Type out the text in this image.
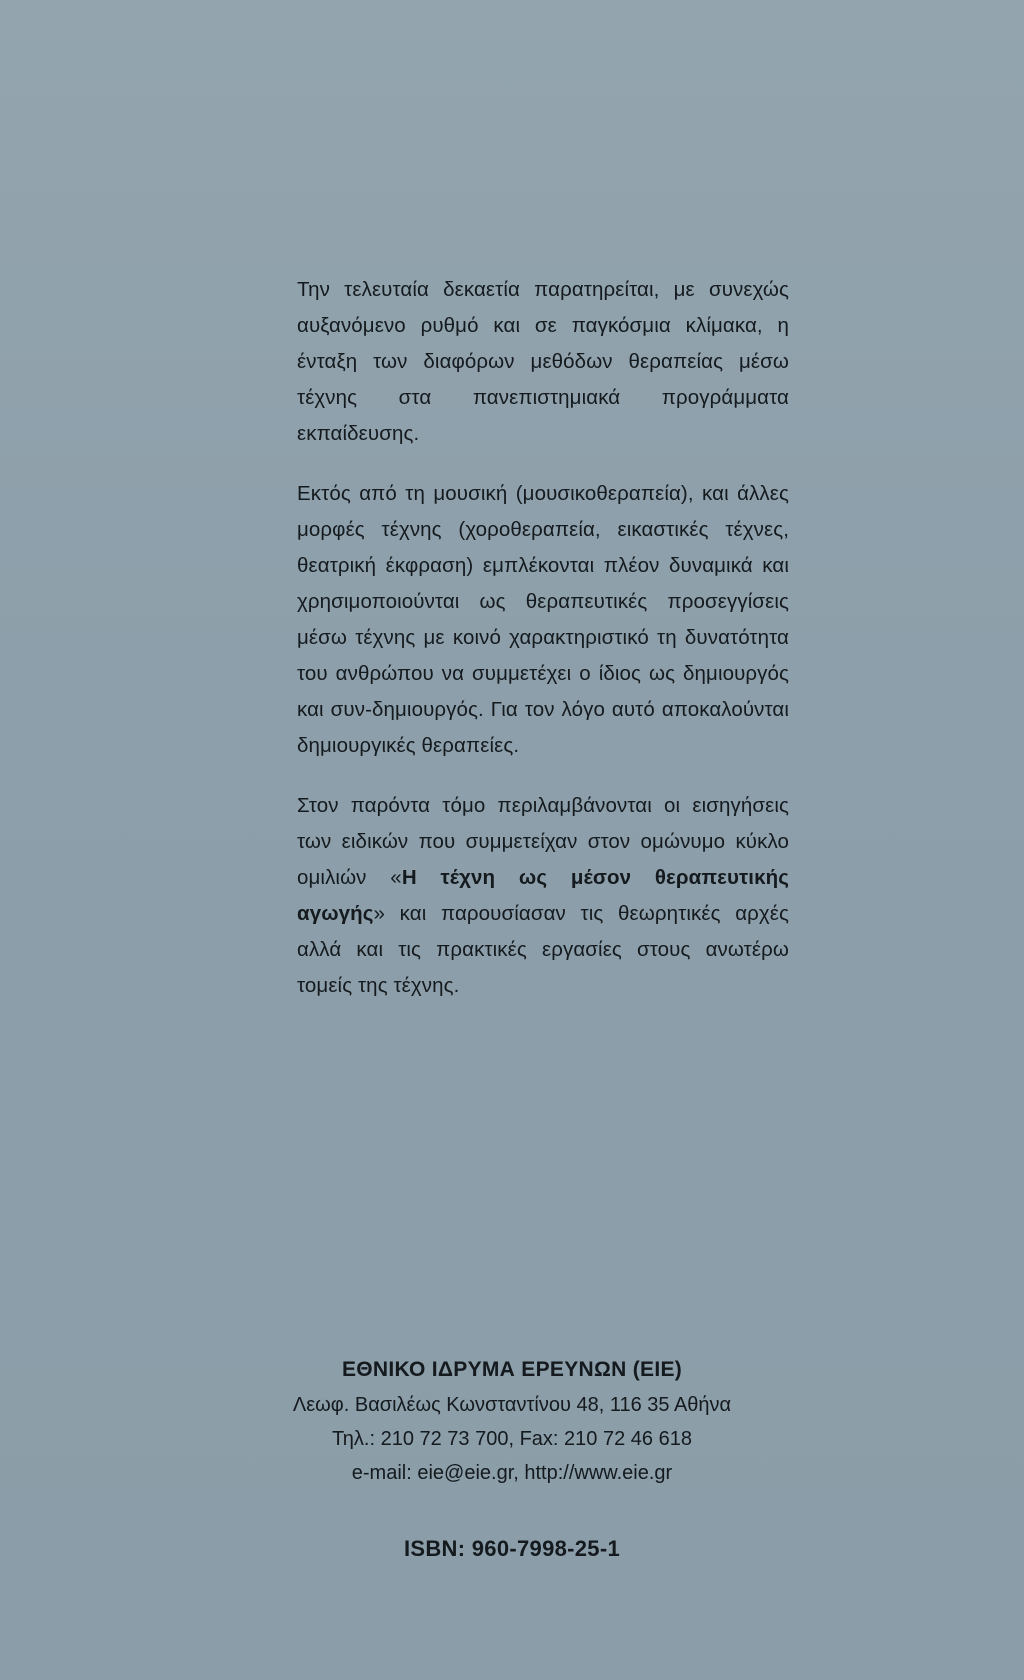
Την τελευταία δεκαετία παρατηρείται, με συνεχώς αυξανόμενο ρυθμό και σε παγκόσμια κλίμακα, η ένταξη των διαφόρων μεθόδων θεραπείας μέσω τέχνης στα πανεπιστημιακά προγράμματα εκπαίδευσης.

Εκτός από τη μουσική (μουσικοθεραπεία), και άλλες μορφές τέχνης (χοροθεραπεία, εικαστικές τέχνες, θεατρική έκφραση) εμπλέκονται πλέον δυναμικά και χρησιμοποιούνται ως θεραπευτικές προσεγγίσεις μέσω τέχνης με κοινό χαρακτηριστικό τη δυνατότητα του ανθρώπου να συμμετέχει ο ίδιος ως δημιουργός και συν-δημιουργός. Για τον λόγο αυτό αποκαλούνται δημιουργικές θεραπείες.

Στον παρόντα τόμο περιλαμβάνονται οι εισηγήσεις των ειδικών που συμμετείχαν στον ομώνυμο κύκλο ομιλιών «Η τέχνη ως μέσον θεραπευτικής αγωγής» και παρουσίασαν τις θεωρητικές αρχές αλλά και τις πρακτικές εργασίες στους ανωτέρω τομείς της τέχνης.

ΕΘΝΙΚΟ ΙΔΡΥΜΑ ΕΡΕΥΝΩΝ (ΕΙΕ)
Λεωφ. Βασιλέως Κωνσταντίνου 48, 116 35 Αθήνα
Τηλ.: 210 72 73 700, Fax: 210 72 46 618
e-mail: eie@eie.gr, http://www.eie.gr
ISBN: 960-7998-25-1
